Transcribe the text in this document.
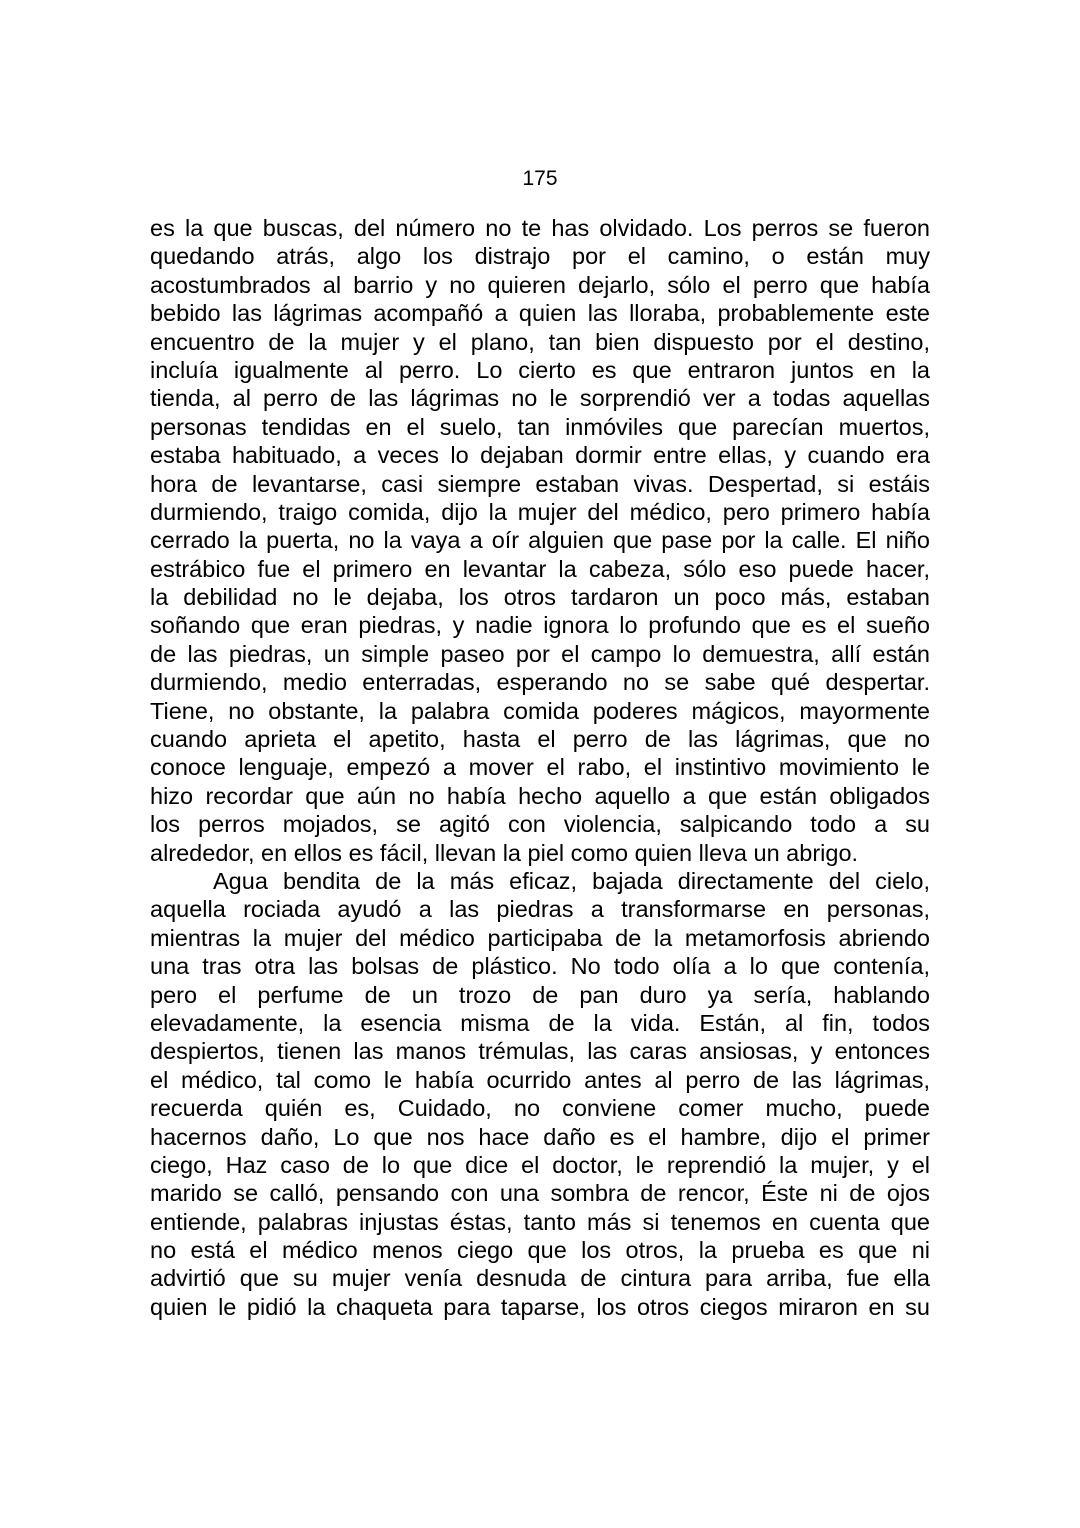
175
es la que buscas, del número no te has olvidado. Los perros se fueron
quedando atrás, algo los distrajo por el camino, o están muy
acostumbrados al barrio y no quieren dejarlo, sólo el perro que había
bebido las lágrimas acompañó a quien las lloraba, probablemente este
encuentro de la mujer y el plano, tan bien dispuesto por el destino,
incluía igualmente al perro. Lo cierto es que entraron juntos en la
tienda, al perro de las lágrimas no le sorprendió ver a todas aquellas
personas tendidas en el suelo, tan inmóviles que parecían muertos,
estaba habituado, a veces lo dejaban dormir entre ellas, y cuando era
hora de levantarse, casi siempre estaban vivas. Despertad, si estáis
durmiendo, traigo comida, dijo la mujer del médico, pero primero había
cerrado la puerta, no la vaya a oír alguien que pase por la calle. El niño
estrábico fue el primero en levantar la cabeza, sólo eso puede hacer,
la debilidad no le dejaba, los otros tardaron un poco más, estaban
soñando que eran piedras, y nadie ignora lo profundo que es el sueño
de las piedras, un simple paseo por el campo lo demuestra, allí están
durmiendo, medio enterradas, esperando no se sabe qué despertar.
Tiene, no obstante, la palabra comida poderes mágicos, mayormente
cuando aprieta el apetito, hasta el perro de las lágrimas, que no
conoce lenguaje, empezó a mover el rabo, el instintivo movimiento le
hizo recordar que aún no había hecho aquello a que están obligados
los perros mojados, se agitó con violencia, salpicando todo a su
alrededor, en ellos es fácil, llevan la piel como quien lleva un abrigo.
Agua bendita de la más eficaz, bajada directamente del cielo,
aquella rociada ayudó a las piedras a transformarse en personas,
mientras la mujer del médico participaba de la metamorfosis abriendo
una tras otra las bolsas de plástico. No todo olía a lo que contenía,
pero el perfume de un trozo de pan duro ya sería, hablando
elevadamente, la esencia misma de la vida. Están, al fin, todos
despiertos, tienen las manos trémulas, las caras ansiosas, y entonces
el médico, tal como le había ocurrido antes al perro de las lágrimas,
recuerda quién es, Cuidado, no conviene comer mucho, puede
hacernos daño, Lo que nos hace daño es el hambre, dijo el primer
ciego, Haz caso de lo que dice el doctor, le reprendió la mujer, y el
marido se calló, pensando con una sombra de rencor, Éste ni de ojos
entiende, palabras injustas éstas, tanto más si tenemos en cuenta que
no está el médico menos ciego que los otros, la prueba es que ni
advirtió que su mujer venía desnuda de cintura para arriba, fue ella
quien le pidió la chaqueta para taparse, los otros ciegos miraron en su
